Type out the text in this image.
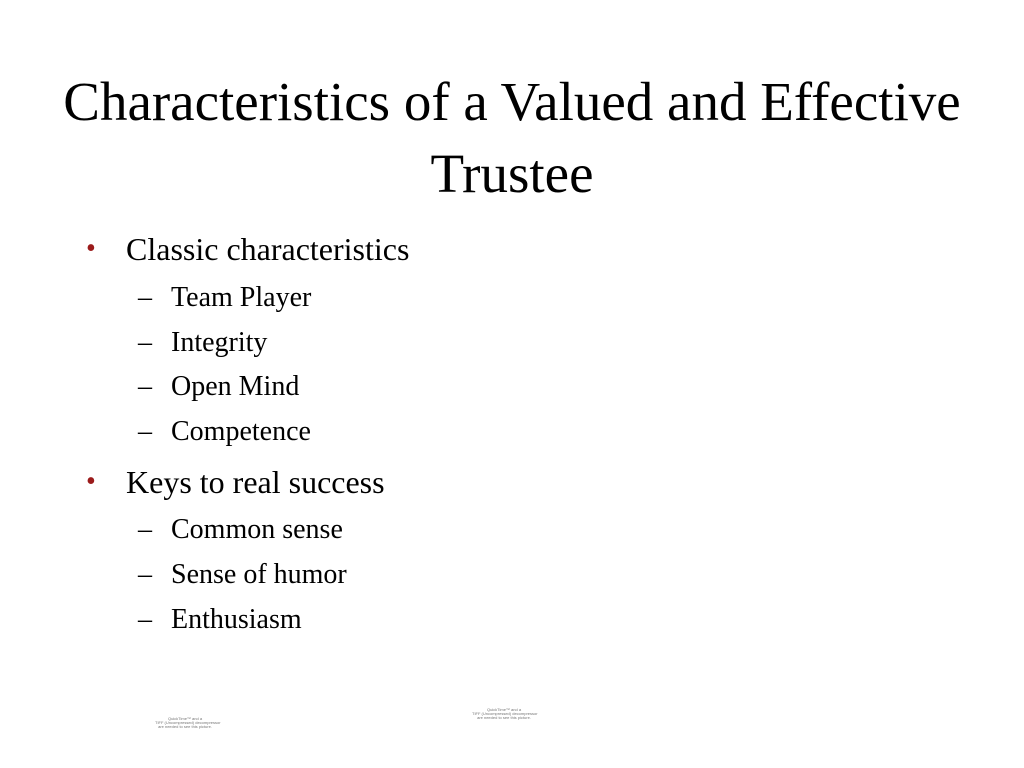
Characteristics of a Valued and Effective Trustee
• Classic characteristics
– Team Player
– Integrity
– Open Mind
– Competence
• Keys to real success
– Common sense
– Sense of humor
– Enthusiasm
QuickTime™ and a
TIFF (Uncompressed) decompressor
are needed to see this picture.
QuickTime™ and a
TIFF (Uncompressed) decompressor
are needed to see this picture.
